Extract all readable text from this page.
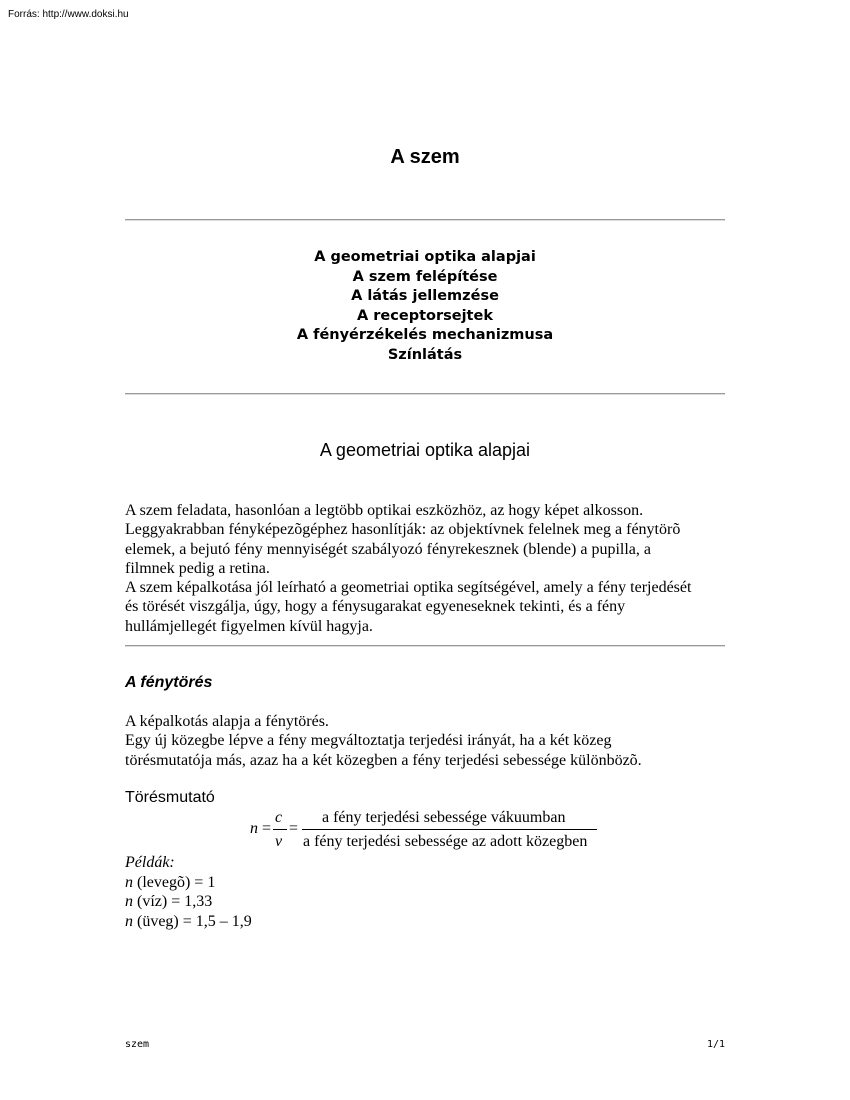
Forrás: http://www.doksi.hu
A szem
A geometriai optika alapjai
A szem felépítése
A látás jellemzése
A receptorsejtek
A fényérzékelés mechanizmusa
Színlátás
A geometriai optika alapjai
A szem feladata, hasonlóan a legtöbb optikai eszközhöz, az hogy képet alkosson.
Leggyakrabban fényképezõgéphez hasonlítják: az objektívnek felelnek meg a fénytörõ
elemek, a bejutó fény mennyiségét szabályozó fényrekesznek (blende) a pupilla, a
filmnek pedig a retina.
A szem képalkotása jól leírható a geometriai optika segítségével, amely a fény terjedését
és törését viszgálja, úgy, hogy a fénysugarakat egyeneseknek tekinti, és a fény
hullámjellegét figyelmen kívül hagyja.
A fénytörés
A képalkotás alapja a fénytörés.
Egy új közegbe lépve a fény megváltoztatja terjedési irányát, ha a két közeg
törésmutatója más, azaz ha a két közegben a fény terjedési sebessége különbözõ.
Törésmutató
n =
c
v
=
a fény terjedési sebessége vákuumban
a fény terjedési sebessége az adott közegben
Példák:
n (levegõ) = 1
n (víz) = 1,33
n (üveg) = 1,5 – 1,9
szem	1/1
